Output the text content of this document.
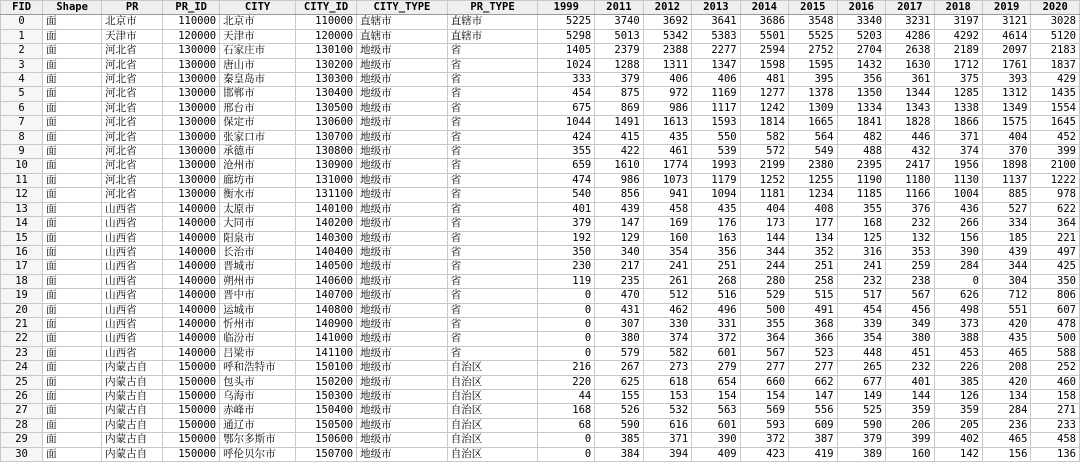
FID	Shape	PR	PR_ID	CITY	CITY_ID	CITY_TYPE	PR_TYPE	1999	2011	2012	2013	2014	2015	2016	2017	2018	2019	2020
0	面	北京市	110000	北京市	110000	直辖市	直辖市	5225	3740	3692	3641	3686	3548	3340	3231	3197	3121	3028
1	面	天津市	120000	天津市	120000	直辖市	直辖市	5298	5013	5342	5383	5501	5525	5203	4286	4292	4614	5120
2	面	河北省	130000	石家庄市	130100	地级市	省	1405	2379	2388	2277	2594	2752	2704	2638	2189	2097	2183
3	面	河北省	130000	唐山市	130200	地级市	省	1024	1288	1311	1347	1598	1595	1432	1630	1712	1761	1837
4	面	河北省	130000	秦皇岛市	130300	地级市	省	333	379	406	406	481	395	356	361	375	393	429
5	面	河北省	130000	邯郸市	130400	地级市	省	454	875	972	1169	1277	1378	1350	1344	1285	1312	1435
6	面	河北省	130000	邢台市	130500	地级市	省	675	869	986	1117	1242	1309	1334	1343	1338	1349	1554
7	面	河北省	130000	保定市	130600	地级市	省	1044	1491	1613	1593	1814	1665	1841	1828	1866	1575	1645
8	面	河北省	130000	张家口市	130700	地级市	省	424	415	435	550	582	564	482	446	371	404	452
9	面	河北省	130000	承德市	130800	地级市	省	355	422	461	539	572	549	488	432	374	370	399
10	面	河北省	130000	沧州市	130900	地级市	省	659	1610	1774	1993	2199	2380	2395	2417	1956	1898	2100
11	面	河北省	130000	廊坊市	131000	地级市	省	474	986	1073	1179	1252	1255	1190	1180	1130	1137	1222
12	面	河北省	130000	衡水市	131100	地级市	省	540	856	941	1094	1181	1234	1185	1166	1004	885	978
13	面	山西省	140000	太原市	140100	地级市	省	401	439	458	435	404	408	355	376	436	527	622
14	面	山西省	140000	大同市	140200	地级市	省	379	147	169	176	173	177	168	232	266	334	364
15	面	山西省	140000	阳泉市	140300	地级市	省	192	129	160	163	144	134	125	132	156	185	221
16	面	山西省	140000	长治市	140400	地级市	省	350	340	354	356	344	352	316	353	390	439	497
17	面	山西省	140000	晋城市	140500	地级市	省	230	217	241	251	244	251	241	259	284	344	425
18	面	山西省	140000	朔州市	140600	地级市	省	119	235	261	268	280	258	232	238	0	304	350
19	面	山西省	140000	晋中市	140700	地级市	省	0	470	512	516	529	515	517	567	626	712	806
20	面	山西省	140000	运城市	140800	地级市	省	0	431	462	496	500	491	454	456	498	551	607
21	面	山西省	140000	忻州市	140900	地级市	省	0	307	330	331	355	368	339	349	373	420	478
22	面	山西省	140000	临汾市	141000	地级市	省	0	380	374	372	364	366	354	380	388	435	500
23	面	山西省	140000	吕梁市	141100	地级市	省	0	579	582	601	567	523	448	451	453	465	588
24	面	内蒙古自	150000	呼和浩特市	150100	地级市	自治区	216	267	273	279	277	277	265	232	226	208	252
25	面	内蒙古自	150000	包头市	150200	地级市	自治区	220	625	618	654	660	662	677	401	385	420	460
26	面	内蒙古自	150000	乌海市	150300	地级市	自治区	44	155	153	154	154	147	149	144	126	134	158
27	面	内蒙古自	150000	赤峰市	150400	地级市	自治区	168	526	532	563	569	556	525	359	359	284	271
28	面	内蒙古自	150000	通辽市	150500	地级市	自治区	68	590	616	601	593	609	590	206	205	236	233
29	面	内蒙古自	150000	鄂尔多斯市	150600	地级市	自治区	0	385	371	390	372	387	379	399	402	465	458
30	面	内蒙古自	150000	呼伦贝尔市	150700	地级市	自治区	0	384	394	409	423	419	389	160	142	156	136
